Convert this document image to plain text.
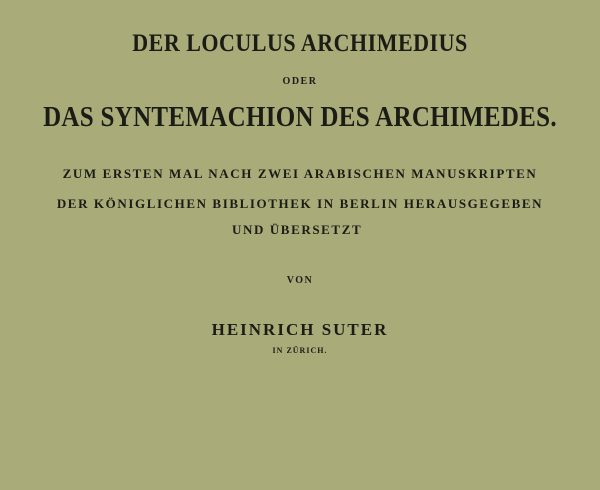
DER LOCULUS ARCHIMEDIUS
ODER
DAS SYNTEMACHION DES ARCHIMEDES.
ZUM ERSTEN MAL NACH ZWEI ARABISCHEN MANUSKRIPTEN
DER KÖNIGLICHEN BIBLIOTHEK IN BERLIN HERAUSGEGEBEN
UND ÜBERSETZT
VON
HEINRICH SUTER
IN ZÜRICH.
